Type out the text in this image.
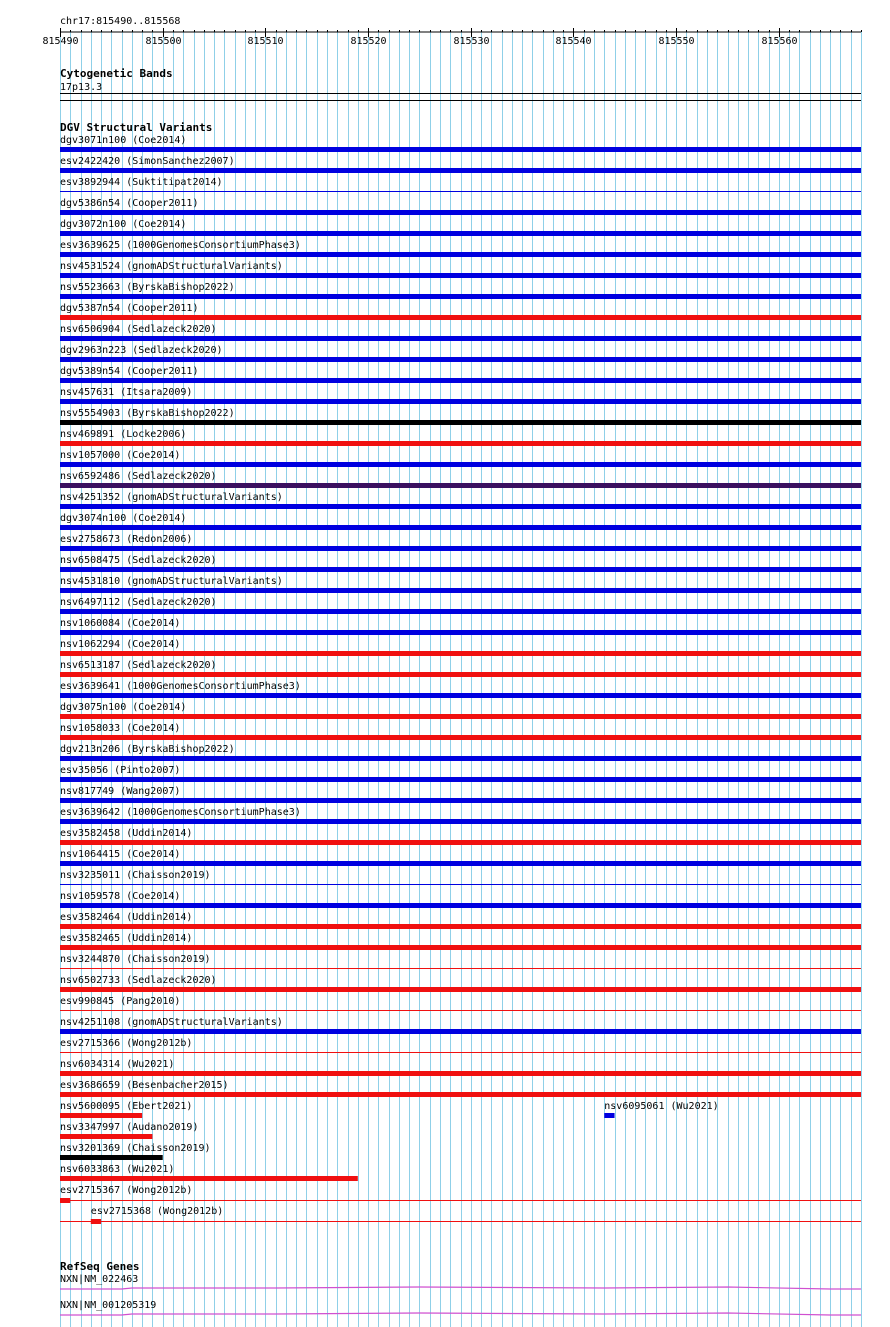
chr17:815490..815568
815490	815500	815510	815520	815530	815540	815550	815560
Cytogenetic Bands
17p13.3
DGV Structural Variants
dgv3071n100 (Coe2014)
esv2422420 (SimonSanchez2007)
esv3892944 (Suktitipat2014)
dgv5386n54 (Cooper2011)
dgv3072n100 (Coe2014)
esv3639625 (1000GenomesConsortiumPhase3)
nsv4531524 (gnomADStructuralVariants)
nsv5523663 (ByrskaBishop2022)
dgv5387n54 (Cooper2011)
nsv6506904 (Sedlazeck2020)
dgv2963n223 (Sedlazeck2020)
dgv5389n54 (Cooper2011)
nsv457631 (Itsara2009)
nsv5554903 (ByrskaBishop2022)
nsv469891 (Locke2006)
nsv1057000 (Coe2014)
nsv6592486 (Sedlazeck2020)
nsv4251352 (gnomADStructuralVariants)
dgv3074n100 (Coe2014)
esv2758673 (Redon2006)
nsv6508475 (Sedlazeck2020)
nsv4531810 (gnomADStructuralVariants)
nsv6497112 (Sedlazeck2020)
nsv1060084 (Coe2014)
nsv1062294 (Coe2014)
nsv6513187 (Sedlazeck2020)
esv3639641 (1000GenomesConsortiumPhase3)
dgv3075n100 (Coe2014)
nsv1058033 (Coe2014)
dgv213n206 (ByrskaBishop2022)
esv35056 (Pinto2007)
nsv817749 (Wang2007)
esv3639642 (1000GenomesConsortiumPhase3)
esv3582458 (Uddin2014)
nsv1064415 (Coe2014)
nsv3235011 (Chaisson2019)
nsv1059578 (Coe2014)
esv3582464 (Uddin2014)
esv3582465 (Uddin2014)
nsv3244870 (Chaisson2019)
nsv6502733 (Sedlazeck2020)
esv990845 (Pang2010)
nsv4251108 (gnomADStructuralVariants)
esv2715366 (Wong2012b)
nsv6034314 (Wu2021)
esv3686659 (Besenbacher2015)
nsv5600095 (Ebert2021)	nsv6095061 (Wu2021)
nsv3347997 (Audano2019)
nsv3201369 (Chaisson2019)
nsv6033863 (Wu2021)
esv2715367 (Wong2012b)
esv2715368 (Wong2012b)
RefSeq Genes
NXN|NM_022463
NXN|NM_001205319
